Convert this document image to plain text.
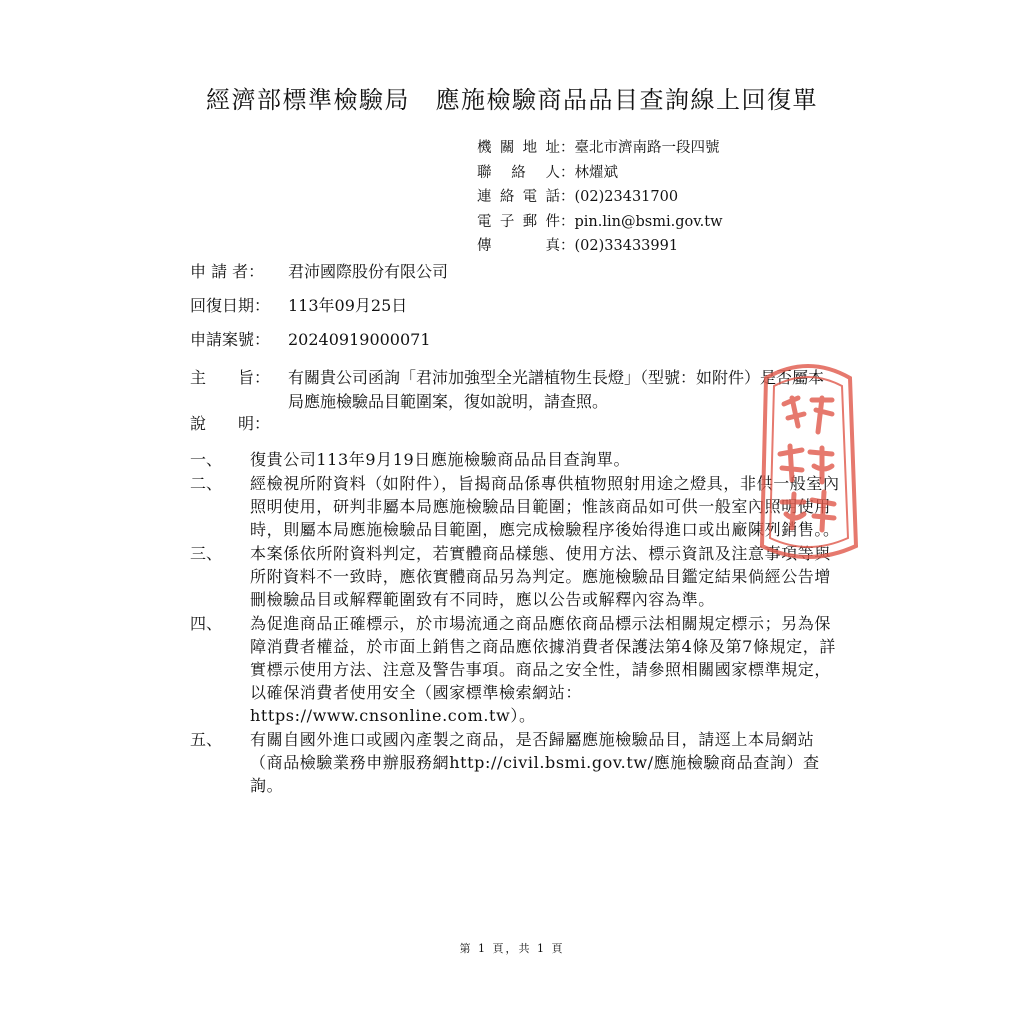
經濟部標準檢驗局　應施檢驗商品品目查詢線上回復單
機關地址：臺北市濟南路一段四號
聯絡人：林燿斌
連絡電話：(02)23431700
電子郵件：pin.lin@bsmi.gov.tw
傳真：(02)33433991
申 請 者： 君沛國際股份有限公司
回復日期： 113年09月25日
申請案號： 20240919000071
主　　旨：	有關貴公司函詢「君沛加強型全光譜植物生長燈」（型號：如附件）是否屬本局應施檢驗品目範圍案，復如說明，請查照。
說　　明：
一、 復貴公司113年9月19日應施檢驗商品品目查詢單。
二、 經檢視所附資料（如附件），旨揭商品係專供植物照射用途之燈具，非供一般室內照明使用，研判非屬本局應施檢驗品目範圍；惟該商品如可供一般室內照明使用時，則屬本局應施檢驗品目範圍，應完成檢驗程序後始得進口或出廠陳列銷售。。
三、 本案係依所附資料判定，若實體商品樣態、使用方法、標示資訊及注意事項等與所附資料不一致時，應依實體商品另為判定。應施檢驗品目鑑定結果倘經公告增刪檢驗品目或解釋範圍致有不同時，應以公告或解釋內容為準。
四、 為促進商品正確標示，於市場流通之商品應依商品標示法相關規定標示；另為保障消費者權益，於市面上銷售之商品應依據消費者保護法第4條及第7條規定，詳實標示使用方法、注意及警告事項。商品之安全性，請參照相關國家標準規定，以確保消費者使用安全（國家標準檢索網站：https://www.cnsonline.com.tw）。
五、 有關自國外進口或國內產製之商品，是否歸屬應施檢驗品目，請逕上本局網站（商品檢驗業務申辦服務網http://civil.bsmi.gov.tw/應施檢驗商品查詢）查詢。
第 1 頁，共 1 頁
